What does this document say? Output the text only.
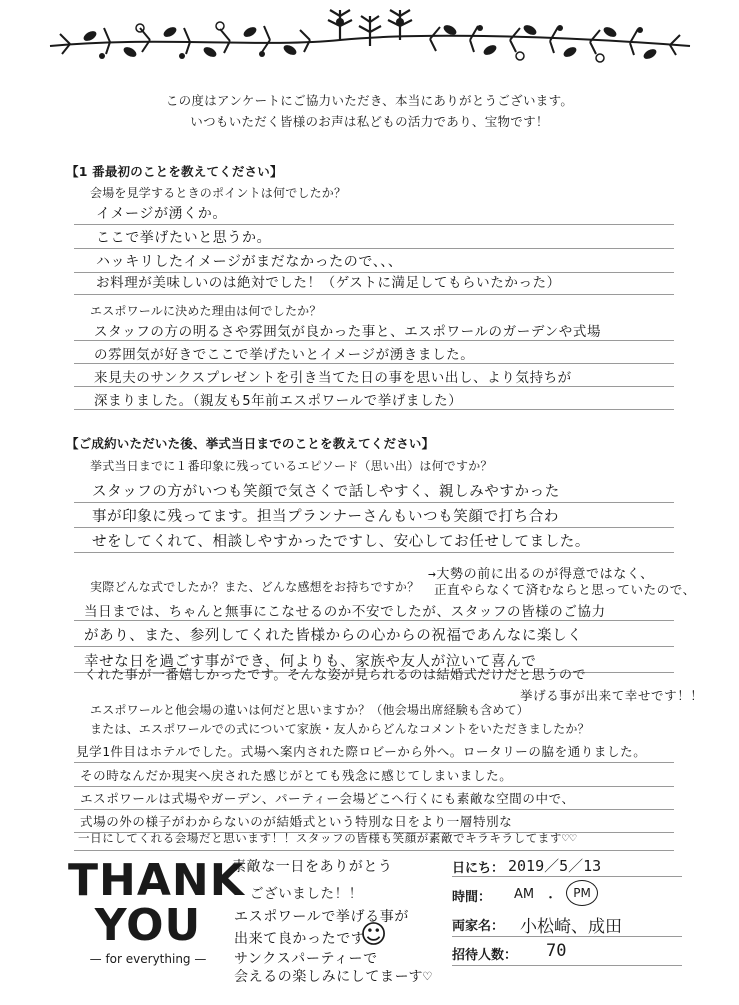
この度はアンケートにご協力いただき、本当にありがとうございます。
いつもいただく皆様のお声は私どもの活力であり、宝物です！
【1 番最初のことを教えてください】
会場を見学するときのポイントは何でしたか？
イメージが湧くか。
ここで挙げたいと思うか。
ハッキリしたイメージがまだなかったので、、、
お料理が美味しいのは絶対でした！（ゲストに満足してもらいたかった）
エスポワールに決めた理由は何でしたか？
スタッフの方の明るさや雰囲気が良かった事と、エスポワールのガーデンや式場
の雰囲気が好きでここで挙げたいとイメージが湧きました。
来見夫のサンクスプレゼントを引き当てた日の事を思い出し、より気持ちが
深まりました。（親友も5年前エスポワールで挙げました）
【ご成約いただいた後、挙式当日までのことを教えてください】
挙式当日までに１番印象に残っているエピソード（思い出）は何ですか？
スタッフの方がいつも笑顔で気さくで話しやすく、親しみやすかった
事が印象に残ってます。担当プランナーさんもいつも笑顔で打ち合わ
せをしてくれて、相談しやすかったですし、安心してお任せしてました。
実際どんな式でしたか？また、どんな感想をお持ちですか？
→大勢の前に出るのが得意ではなく、
正直やらなくて済むならと思っていたので、
当日までは、ちゃんと無事にこなせるのか不安でしたが、スタッフの皆様のご協力
があり、また、参列してくれた皆様からの心からの祝福であんなに楽しく
幸せな日を過ごす事ができ、何よりも、家族や友人が泣いて喜んで
くれた事が一番嬉しかったです。そんな姿が見られるのは結婚式だけだと思うので
挙げる事が出来て幸せです！！
エスポワールと他会場の違いは何だと思いますか？（他会場出席経験も含めて）
または、エスポワールでの式について家族・友人からどんなコメントをいただきましたか？
見学1件目はホテルでした。式場へ案内された際ロビーから外へ。ロータリーの脇を通りました。
その時なんだか現実へ戻された感じがとても残念に感じてしまいました。
エスポワールは式場やガーデン、パーティー会場どこへ行くにも素敵な空間の中で、
式場の外の様子がわからないのが結婚式という特別な日をより一層特別な
一日にしてくれる会場だと思います！！スタッフの皆様も笑顔が素敵でキラキラしてます♡♡
THANK
YOU
— for everything —
素敵な一日をありがとう
ございました！！
エスポワールで挙げる事が
出来て良かったです
☺
サンクスパーティーで
会えるの楽しみにしてまーす♡
日にち： 2019／5／13
時間： AM ・	PM
両家名： 小松崎、成田
招待人数： 70
